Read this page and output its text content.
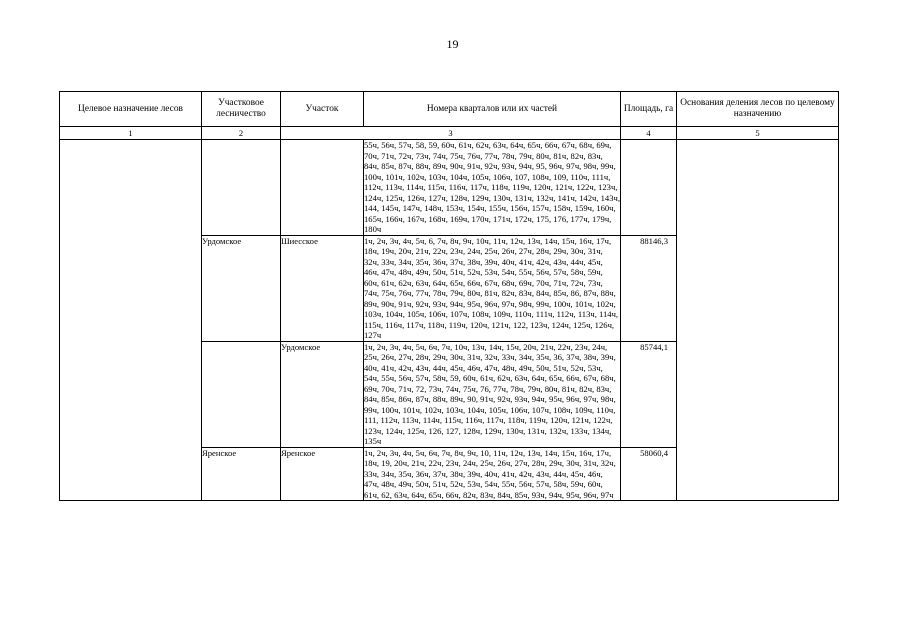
19
Целевое назначение лесов	Участковое лесничество	Участок	Номера кварталов или их частей	Площадь, га	Основания деления лесов по целевому назначению
1	2	3		4	5
			55ч, 56ч, 57ч, 58, 59, 60ч, 61ч, 62ч, 63ч, 64ч, 65ч, 66ч, 67ч, 68ч, 69ч, 70ч, 71ч, 72ч, 73ч, 74ч, 75ч, 76ч, 77ч, 78ч, 79ч, 80ч, 81ч, 82ч, 83ч, 84ч, 85ч, 87ч, 88ч, 89ч, 90ч, 91ч, 92ч, 93ч, 94ч, 95, 96ч, 97ч, 98ч, 99ч, 100ч, 101ч, 102ч, 103ч, 104ч, 105ч, 106ч, 107, 108ч, 109, 110ч, 111ч, 112ч, 113ч, 114ч, 115ч, 116ч, 117ч, 118ч, 119ч, 120ч, 121ч, 122ч, 123ч, 124ч, 125ч, 126ч, 127ч, 128ч, 129ч, 130ч, 131ч, 132ч, 141ч, 142ч, 143ч, 144, 145ч, 147ч, 148ч, 153ч, 154ч, 155ч, 156ч, 157ч, 158ч, 159ч, 160ч, 165ч, 166ч, 167ч, 168ч, 169ч, 170ч, 171ч, 172ч, 175, 176, 177ч, 179ч, 180ч		
	Урдомское	Шиесское	1ч, 2ч, 3ч, 4ч, 5ч, 6, 7ч, 8ч, 9ч, 10ч, 11ч, 12ч, 13ч, 14ч, 15ч, 16ч, 17ч, 18ч, 19ч, 20ч, 21ч, 22ч, 23ч, 24ч, 25ч, 26ч, 27ч, 28ч, 29ч, 30ч, 31ч, 32ч, 33ч, 34ч, 35ч, 36ч, 37ч, 38ч, 39ч, 40ч, 41ч, 42ч, 43ч, 44ч, 45ч, 46ч, 47ч, 48ч, 49ч, 50ч, 51ч, 52ч, 53ч, 54ч, 55ч, 56ч, 57ч, 58ч, 59ч, 60ч, 61ч, 62ч, 63ч, 64ч, 65ч, 66ч, 67ч, 68ч, 69ч, 70ч, 71ч, 72ч, 73ч, 74ч, 75ч, 76ч, 77ч, 78ч, 79ч, 80ч, 81ч, 82ч, 83ч, 84ч, 85ч, 86, 87ч, 88ч, 89ч, 90ч, 91ч, 92ч, 93ч, 94ч, 95ч, 96ч, 97ч, 98ч, 99ч, 100ч, 101ч, 102ч, 103ч, 104ч, 105ч, 106ч, 107ч, 108ч, 109ч, 110ч, 111ч, 112ч, 113ч, 114ч, 115ч, 116ч, 117ч, 118ч, 119ч, 120ч, 121ч, 122, 123ч, 124ч, 125ч, 126ч, 127ч	88146,3	
		Урдомское	1ч, 2ч, 3ч, 4ч, 5ч, 6ч, 7ч, 10ч, 13ч, 14ч, 15ч, 20ч, 21ч, 22ч, 23ч, 24ч, 25ч, 26ч, 27ч, 28ч, 29ч, 30ч, 31ч, 32ч, 33ч, 34ч, 35ч, 36, 37ч, 38ч, 39ч, 40ч, 41ч, 42ч, 43ч, 44ч, 45ч, 46ч, 47ч, 48ч, 49ч, 50ч, 51ч, 52ч, 53ч, 54ч, 55ч, 56ч, 57ч, 58ч, 59, 60ч, 61ч, 62ч, 63ч, 64ч, 65ч, 66ч, 67ч, 68ч, 69ч, 70ч, 71ч, 72, 73ч, 74ч, 75ч, 76, 77ч, 78ч, 79ч, 80ч, 81ч, 82ч, 83ч, 84ч, 85ч, 86ч, 87ч, 88ч, 89ч, 90, 91ч, 92ч, 93ч, 94ч, 95ч, 96ч, 97ч, 98ч, 99ч, 100ч, 101ч, 102ч, 103ч, 104ч, 105ч, 106ч, 107ч, 108ч, 109ч, 110ч, 111, 112ч, 113ч, 114ч, 115ч, 116ч, 117ч, 118ч, 119ч, 120ч, 121ч, 122ч, 123ч, 124ч, 125ч, 126, 127, 128ч, 129ч, 130ч, 131ч, 132ч, 133ч, 134ч, 135ч	85744,1	
	Яренское	Яренское	1ч, 2ч, 3ч, 4ч, 5ч, 6ч, 7ч, 8ч, 9ч, 10, 11ч, 12ч, 13ч, 14ч, 15ч, 16ч, 17ч, 18ч, 19, 20ч, 21ч, 22ч, 23ч, 24ч, 25ч, 26ч, 27ч, 28ч, 29ч, 30ч, 31ч, 32ч, 33ч, 34ч, 35ч, 36ч, 37ч, 38ч, 39ч, 40ч, 41ч, 42ч, 43ч, 44ч, 45ч, 46ч, 47ч, 48ч, 49ч, 50ч, 51ч, 52ч, 53ч, 54ч, 55ч, 56ч, 57ч, 58ч, 59ч, 60ч, 61ч, 62, 63ч, 64ч, 65ч, 66ч, 82ч, 83ч, 84ч, 85ч, 93ч, 94ч, 95ч, 96ч, 97ч	58060,4	
